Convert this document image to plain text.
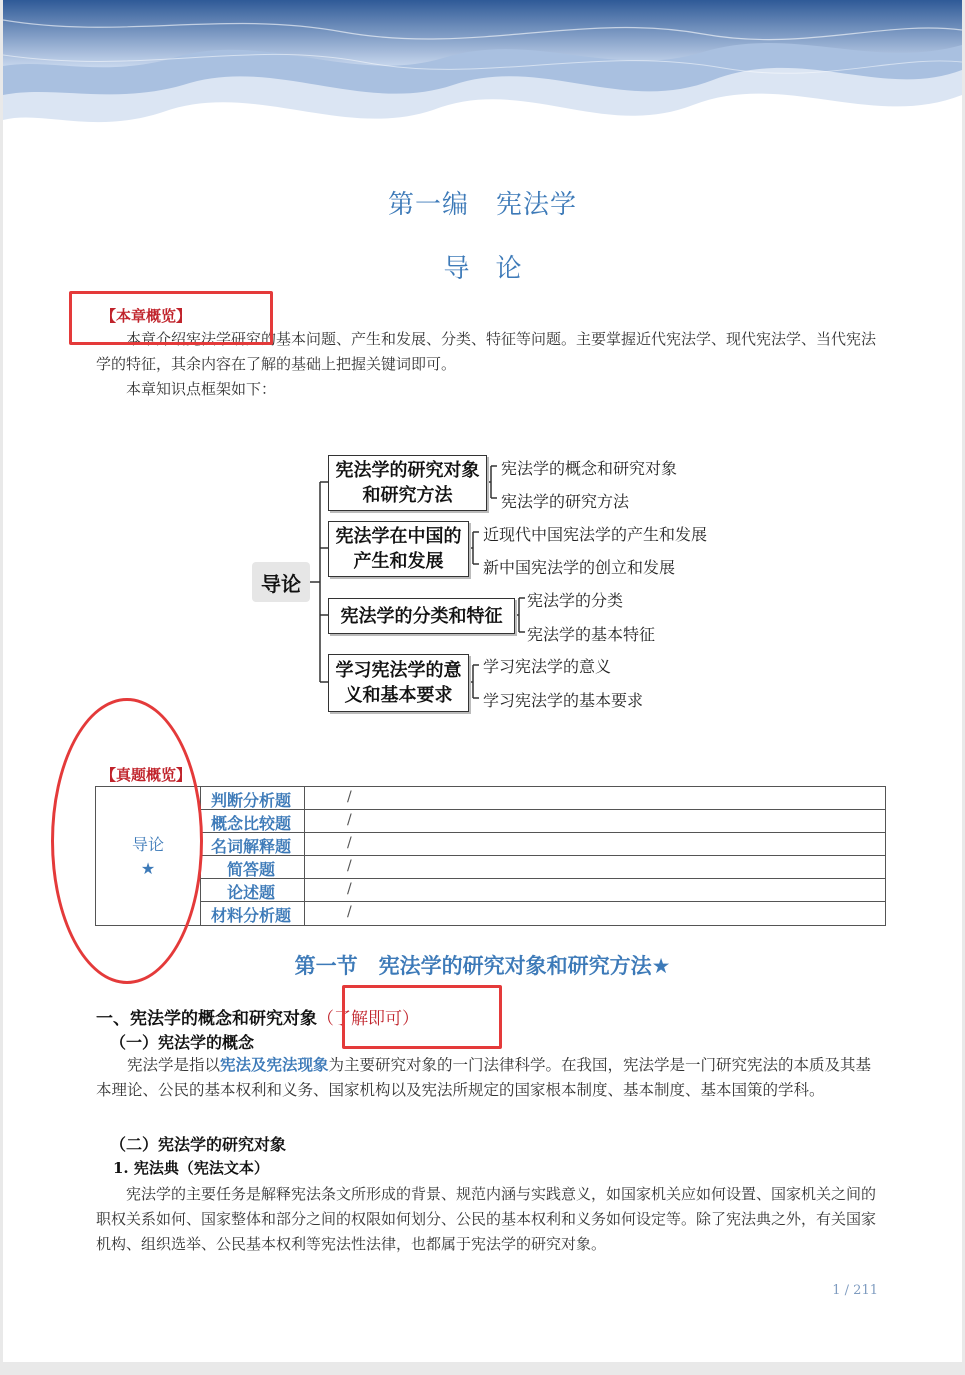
第一编　宪法学
导　论
【本章概览】
本章介绍宪法学研究的基本问题、产生和发展、分类、特征等问题。主要掌握近代宪法学、现代宪法学、当代宪法学的特征，其余内容在了解的基础上把握关键词即可。
本章知识点框架如下：
导论
宪法学的研究对象
和研究方法
宪法学的概念和研究对象
宪法学的研究方法
宪法学在中国的
产生和发展
近现代中国宪法学的产生和发展
新中国宪法学的创立和发展
宪法学的分类和特征
宪法学的分类
宪法学的基本特征
学习宪法学的意
义和基本要求
学习宪法学的意义
学习宪法学的基本要求
【真题概览】
导论
★
判断分析题
概念比较题
名词解释题
简答题
论述题
材料分析题
/
/
/
/
/
/
第一节　宪法学的研究对象和研究方法★
一、宪法学的概念和研究对象（了解即可）
（一）宪法学的概念
宪法学是指以宪法及宪法现象为主要研究对象的一门法律科学。在我国，宪法学是一门研究宪法的本质及其基本理论、公民的基本权利和义务、国家机构以及宪法所规定的国家根本制度、基本制度、基本国策的学科。
（二）宪法学的研究对象
1. 宪法典（宪法文本）
宪法学的主要任务是解释宪法条文所形成的背景、规范内涵与实践意义，如国家机关应如何设置、国家机关之间的职权关系如何、国家整体和部分之间的权限如何划分、公民的基本权利和义务如何设定等。除了宪法典之外，有关国家机构、组织选举、公民基本权利等宪法性法律，也都属于宪法学的研究对象。
1 / 211
